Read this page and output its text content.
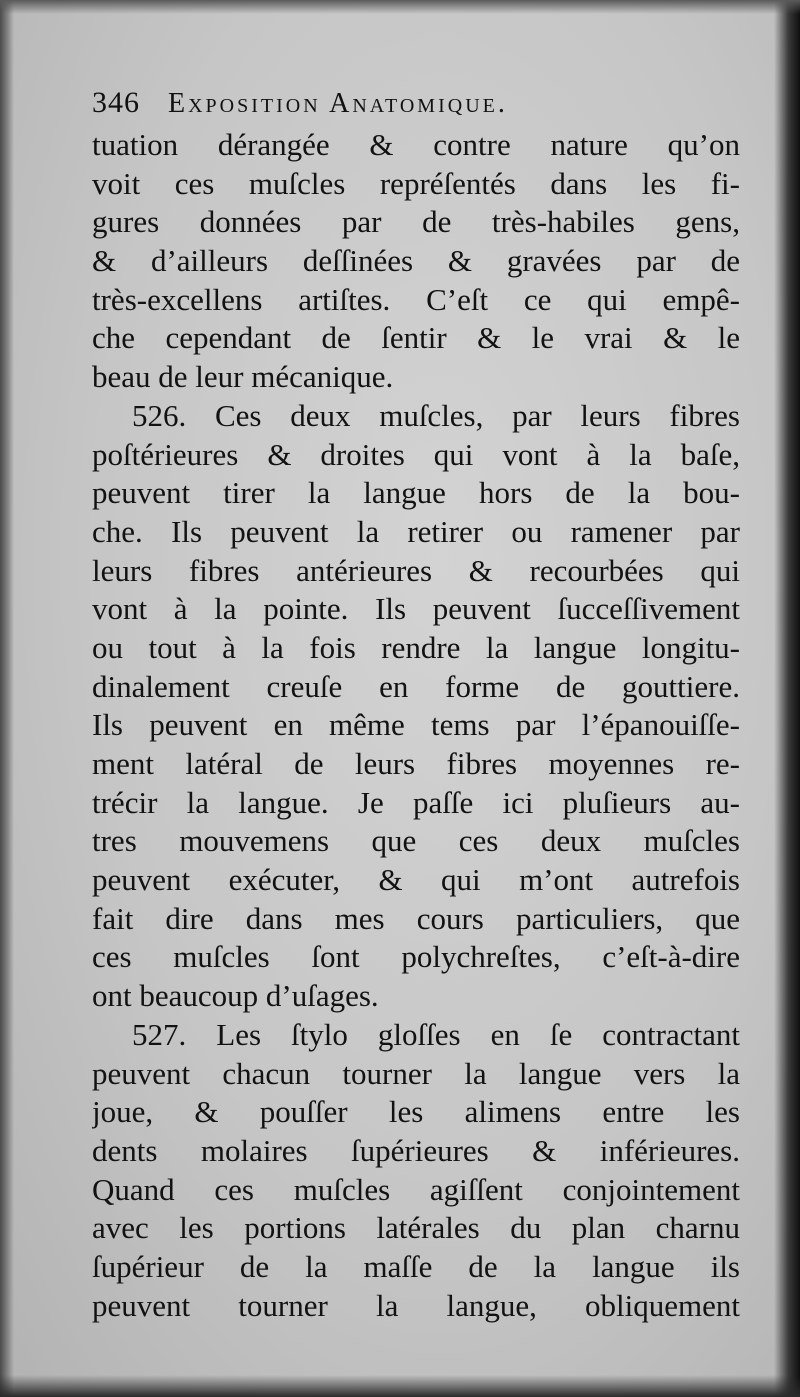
346 Exposition Anatomique.
tuation dérangée & contre nature qu’on
voit ces muſcles repréſentés dans les fi-
gures données par de très-habiles gens,
& d’ailleurs deſſinées & gravées par de
très-excellens artiſtes. C’eſt ce qui empê-
che cependant de ſentir & le vrai & le
beau de leur mécanique.
526. Ces deux muſcles, par leurs fibres
poſtérieures & droites qui vont à la baſe,
peuvent tirer la langue hors de la bou-
che. Ils peuvent la retirer ou ramener par
leurs fibres antérieures & recourbées qui
vont à la pointe. Ils peuvent ſucceſſivement
ou tout à la fois rendre la langue longitu-
dinalement creuſe en forme de gouttiere.
Ils peuvent en même tems par l’épanouiſſe-
ment latéral de leurs fibres moyennes re-
trécir la langue. Je paſſe ici pluſieurs au-
tres mouvemens que ces deux muſcles
peuvent exécuter, & qui m’ont autrefois
fait dire dans mes cours particuliers, que
ces muſcles ſont polychreſtes, c’eſt-à-dire
ont beaucoup d’uſages.
527. Les ſtylo gloſſes en ſe contractant
peuvent chacun tourner la langue vers la
joue, & pouſſer les alimens entre les
dents molaires ſupérieures & inférieures.
Quand ces muſcles agiſſent conjointement
avec les portions latérales du plan charnu
ſupérieur de la maſſe de la langue ils
peuvent tourner la langue, obliquement
